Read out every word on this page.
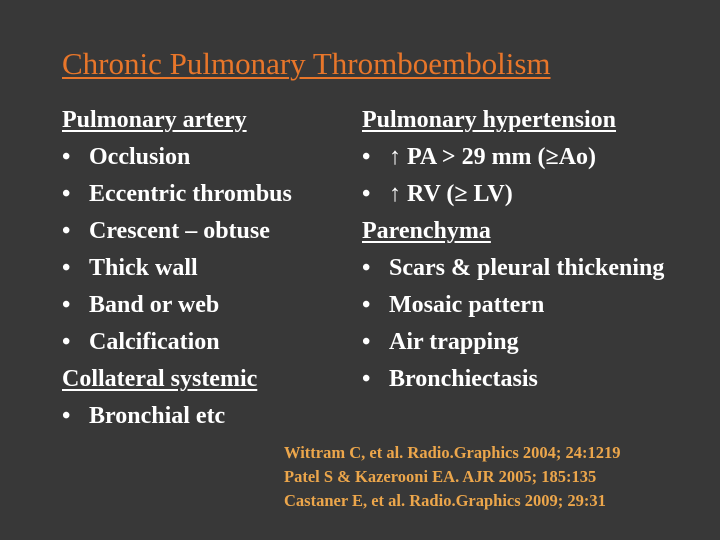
Chronic Pulmonary Thromboembolism
Pulmonary artery
• Occlusion
• Eccentric thrombus
• Crescent – obtuse
• Thick wall
• Band or web
• Calcification
Collateral systemic
• Bronchial etc
Pulmonary hypertension
• ↑ PA > 29 mm (≥Ao)
• ↑ RV (≥ LV)
Parenchyma
• Scars & pleural thickening
• Mosaic pattern
• Air trapping
• Bronchiectasis
Wittram C, et al. Radio.Graphics 2004; 24:1219
Patel S & Kazerooni EA. AJR 2005; 185:135
Castaner E, et al. Radio.Graphics 2009; 29:31
